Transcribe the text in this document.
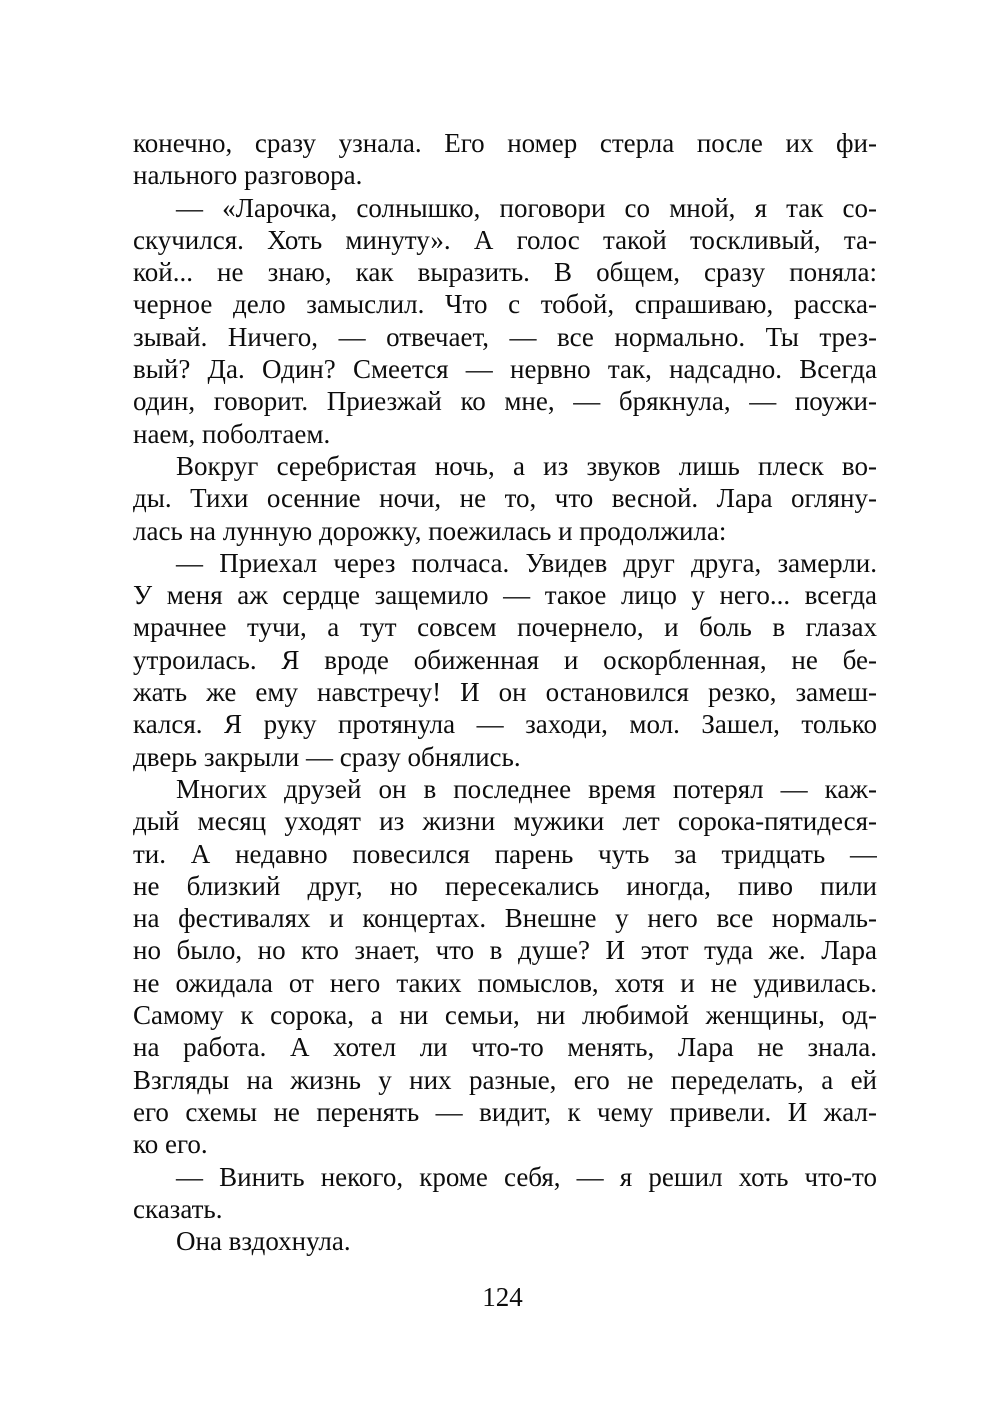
конечно, сразу узнала. Его номер стерла после их фи-
нального разговора.
— «Ларочка, солнышко, поговори со мной, я так со-
скучился. Хоть минуту». А голос такой тоскливый, та-
кой... не знаю, как выразить. В общем, сразу поняла:
черное дело замыслил. Что с тобой, спрашиваю, расска-
зывай. Ничего, — отвечает, — все нормально. Ты трез-
вый? Да. Один? Смеется — нервно так, надсадно. Всегда
один, говорит. Приезжай ко мне, — брякнула, — поужи-
наем, поболтаем.
Вокруг серебристая ночь, а из звуков лишь плеск во-
ды. Тихи осенние ночи, не то, что весной. Лара огляну-
лась на лунную дорожку, поежилась и продолжила:
— Приехал через полчаса. Увидев друг друга, замерли.
У меня аж сердце защемило — такое лицо у него... всегда
мрачнее тучи, а тут совсем почернело, и боль в глазах
утроилась. Я вроде обиженная и оскорбленная, не бе-
жать же ему навстречу! И он остановился резко, замеш-
кался. Я руку протянула — заходи, мол. Зашел, только
дверь закрыли — сразу обнялись.
Многих друзей он в последнее время потерял — каж-
дый месяц уходят из жизни мужики лет сорока-пятидеся-
ти. А недавно повесился парень чуть за тридцать —
не близкий друг, но пересекались иногда, пиво пили
на фестивалях и концертах. Внешне у него все нормаль-
но было, но кто знает, что в душе? И этот туда же. Лара
не ожидала от него таких помыслов, хотя и не удивилась.
Самому к сорока, а ни семьи, ни любимой женщины, од-
на работа. А хотел ли что-то менять, Лара не знала.
Взгляды на жизнь у них разные, его не переделать, а ей
его схемы не перенять — видит, к чему привели. И жал-
ко его.
— Винить некого, кроме себя, — я решил хоть что-то
сказать.
Она вздохнула.
124
